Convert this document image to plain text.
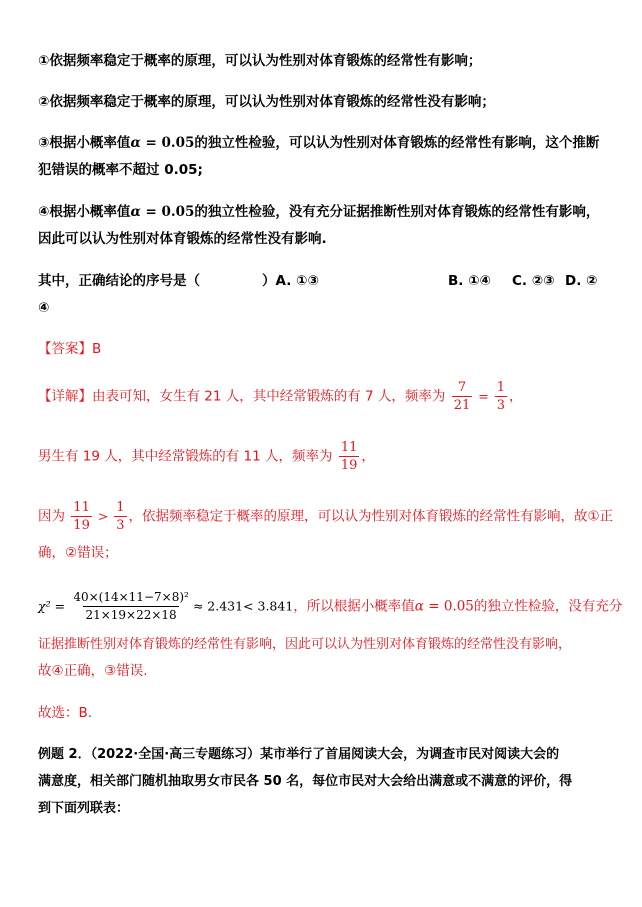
①依据频率稳定于概率的原理，可以认为性别对体育锻炼的经常性有影响；
②依据频率稳定于概率的原理，可以认为性别对体育锻炼的经常性没有影响；
③根据小概率值α = 0.05的独立性检验，可以认为性别对体育锻炼的经常性有影响，这个推断
犯错误的概率不超过 0.05;
④根据小概率值α = 0.05的独立性检验，没有充分证据推断性别对体育锻炼的经常性有影响，
因此可以认为性别对体育锻炼的经常性没有影响.
其中，正确结论的序号是（	）A. ①③	B. ①④ C. ②③ D. ②
④
【答案】B
【详解】由表可知，女生有 21 人，其中经常锻炼的有 7 人，频率为 $\frac{7}{21} = \frac{1}{3}$ ，
男生有 19 人，其中经常锻炼的有 11 人，频率为 $\frac{11}{19}$ ，
因为 $\frac{11}{19} > \frac{1}{3}$ ，依据频率稳定于概率的原理，可以认为性别对体育锻炼的经常性有影响，故①正
确，②错误；
$\chi^2 = \frac{\text{40×(14×11−7×8)²}}{21\times 19\times 22\times 18} \approx 2.431< 3.841$，所以根据小概率值α = 0.05的独立性检验，没有充分
证据推断性别对体育锻炼的经常性有影响，因此可以认为性别对体育锻炼的经常性没有影响，
故④正确，③错误.
故选：B.
例题 2．（2022·全国·高三专题练习）某市举行了首届阅读大会，为调查市民对阅读大会的
满意度，相关部门随机抽取男女市民各 50 名，每位市民对大会给出满意或不满意的评价，得
到下面列联表：
